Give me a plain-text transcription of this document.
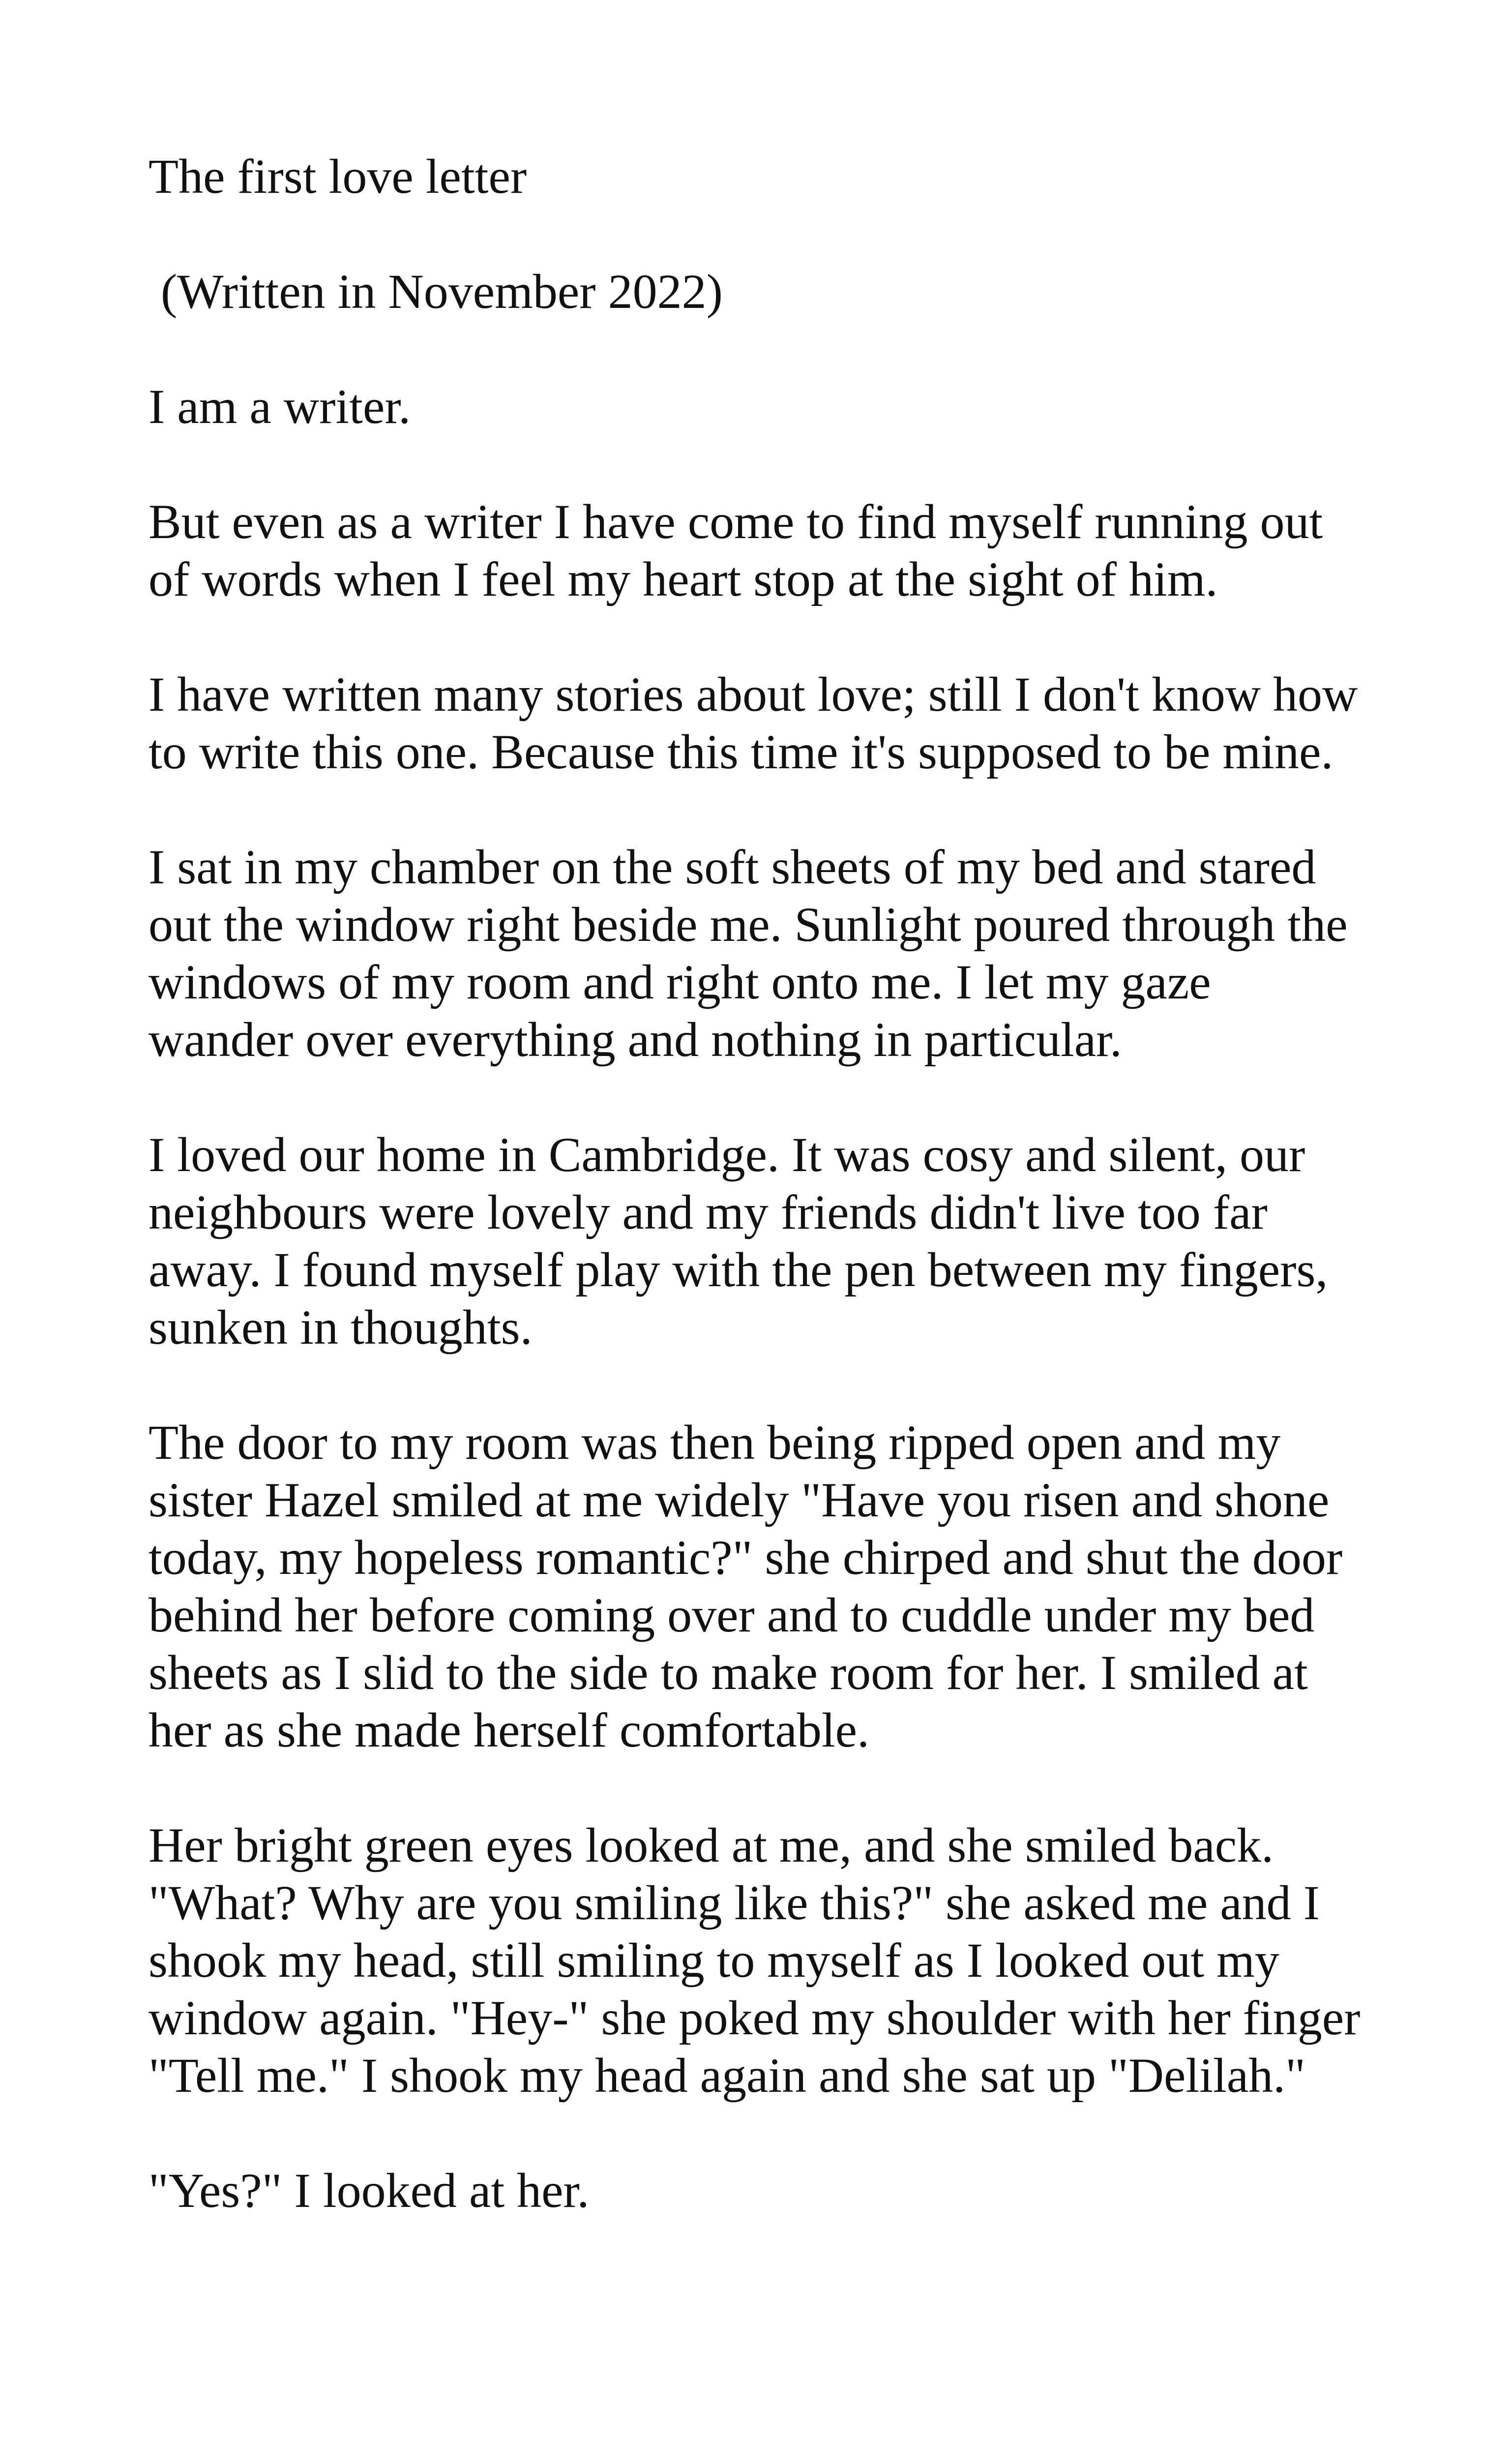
The first love letter

(Written in November 2022)

I am a writer.

But even as a writer I have come to find myself running out
of words when I feel my heart stop at the sight of him.

I have written many stories about love; still I don't know how
to write this one. Because this time it's supposed to be mine.

I sat in my chamber on the soft sheets of my bed and stared
out the window right beside me. Sunlight poured through the
windows of my room and right onto me. I let my gaze
wander over everything and nothing in particular.

I loved our home in Cambridge. It was cosy and silent, our
neighbours were lovely and my friends didn't live too far
away. I found myself play with the pen between my fingers,
sunken in thoughts.

The door to my room was then being ripped open and my
sister Hazel smiled at me widely "Have you risen and shone
today, my hopeless romantic?" she chirped and shut the door
behind her before coming over and to cuddle under my bed
sheets as I slid to the side to make room for her. I smiled at
her as she made herself comfortable.

Her bright green eyes looked at me, and she smiled back.
"What? Why are you smiling like this?" she asked me and I
shook my head, still smiling to myself as I looked out my
window again. "Hey-" she poked my shoulder with her finger
"Tell me." I shook my head again and she sat up "Delilah."

"Yes?" I looked at her.
